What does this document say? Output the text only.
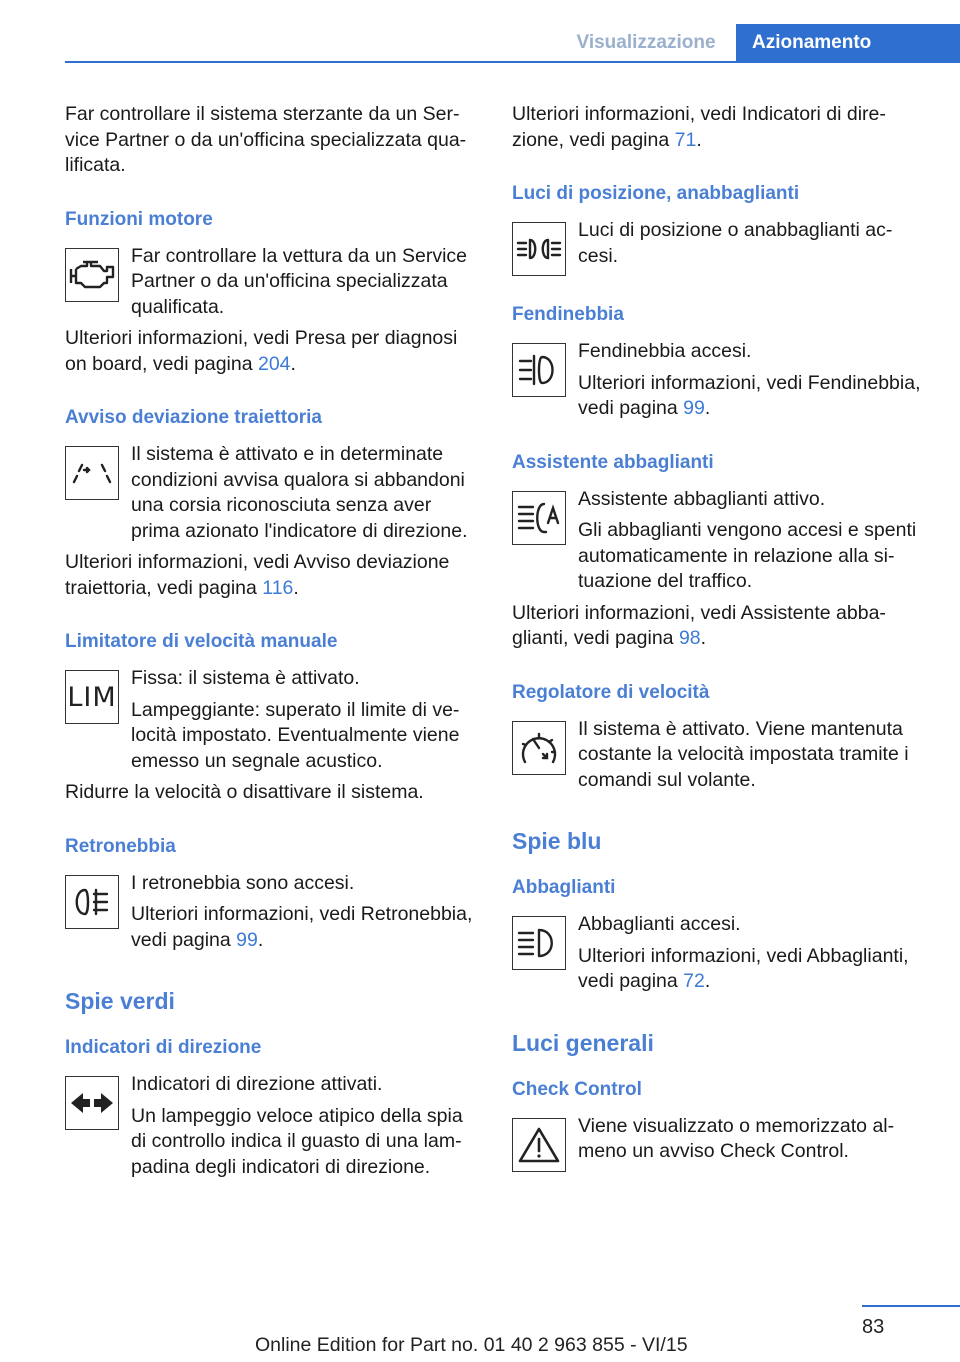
Visualizzazione	Azionamento

Far controllare il sistema sterzante da un Ser-vice Partner o da un'officina specializzata qua-lificata.

Funzioni motore

Far controllare la vettura da un Service Partner o da un'officina specializzata qualificata.

Ulteriori informazioni, vedi Presa per diagnosi on board, vedi pagina 204.

Avviso deviazione traiettoria

Il sistema è attivato e in determinate condizioni avvisa qualora si abbandoni una corsia riconosciuta senza aver prima azionato l'indicatore di direzione.

Ulteriori informazioni, vedi Avviso deviazione traiettoria, vedi pagina 116.

Limitatore di velocità manuale
LIM

Fissa: il sistema è attivato.

Lampeggiante: superato il limite di ve-locità impostato. Eventualmente viene emesso un segnale acustico.

Ridurre la velocità o disattivare il sistema.

Retronebbia

I retronebbia sono accesi.

Ulteriori informazioni, vedi Retronebbia, vedi pagina 99.

Spie verdi
Indicatori di direzione

Indicatori di direzione attivati.

Un lampeggio veloce atipico della spia di controllo indica il guasto di una lam-padina degli indicatori di direzione.

Ulteriori informazioni, vedi Indicatori di dire-zione, vedi pagina 71.

Luci di posizione, anabbaglianti

Luci di posizione o anabbaglianti ac-cesi.

Fendinebbia

Fendinebbia accesi.

Ulteriori informazioni, vedi Fendinebbia, vedi pagina 99.

Assistente abbaglianti

Assistente abbaglianti attivo.

Gli abbaglianti vengono accesi e spenti automaticamente in relazione alla si-tuazione del traffico.

Ulteriori informazioni, vedi Assistente abba-glianti, vedi pagina 98.

Regolatore di velocità

Il sistema è attivato. Viene mantenuta costante la velocità impostata tramite i comandi sul volante.

Spie blu
Abbaglianti

Abbaglianti accesi.

Ulteriori informazioni, vedi Abbaglianti, vedi pagina 72.

Luci generali
Check Control

Viene visualizzato o memorizzato al-meno un avviso Check Control.

83
Online Edition for Part no. 01 40 2 963 855 - VI/15
